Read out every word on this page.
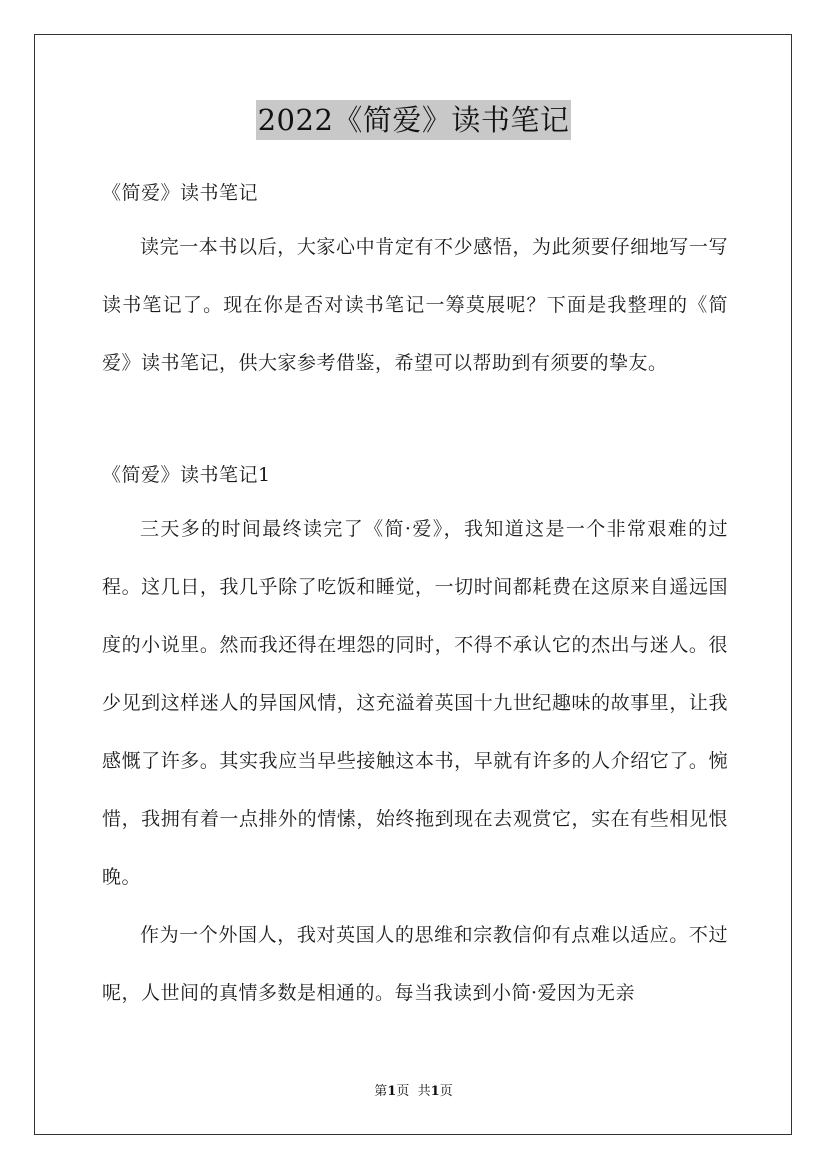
2022《简爱》读书笔记

《简爱》读书笔记

读完一本书以后，大家心中肯定有不少感悟，为此须要仔细地写一写读书笔记了。现在你是否对读书笔记一筹莫展呢？下面是我整理的《简爱》读书笔记，供大家参考借鉴，希望可以帮助到有须要的挚友。

《简爱》读书笔记1

三天多的时间最终读完了《简·爱》，我知道这是一个非常艰难的过程。这几日，我几乎除了吃饭和睡觉，一切时间都耗费在这原来自遥远国度的小说里。然而我还得在埋怨的同时，不得不承认它的杰出与迷人。很少见到这样迷人的异国风情，这充溢着英国十九世纪趣味的故事里，让我感慨了许多。其实我应当早些接触这本书，早就有许多的人介绍它了。惋惜，我拥有着一点排外的情愫，始终拖到现在去观赏它，实在有些相见恨晚。

作为一个外国人，我对英国人的思维和宗教信仰有点难以适应。不过呢，人世间的真情多数是相通的。每当我读到小简·爱因为无亲

第1页 共1页
